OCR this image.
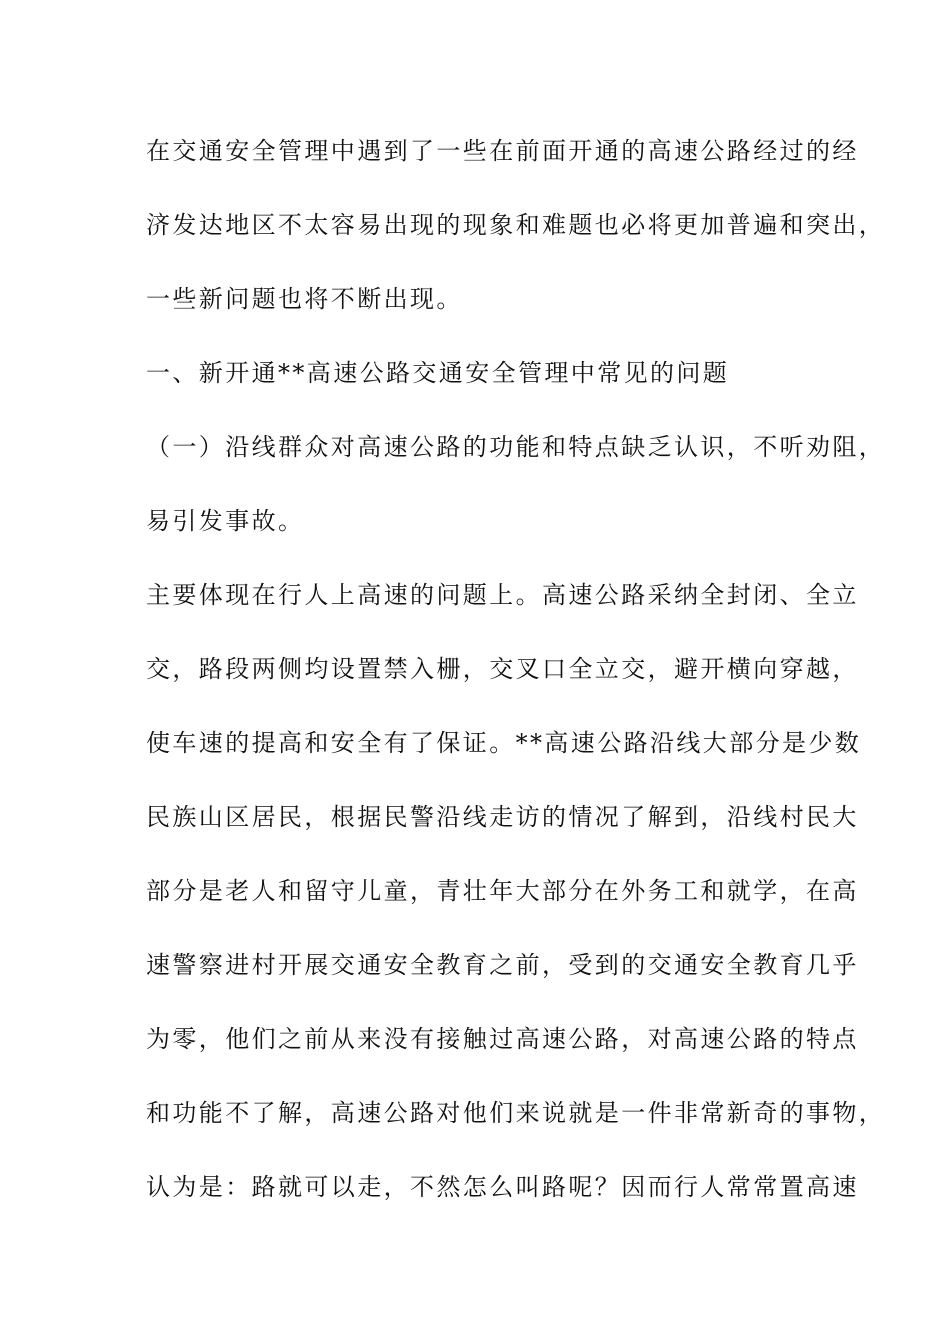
在交通安全管理中遇到了一些在前面开通的高速公路经过的经
济发达地区不太容易出现的现象和难题也必将更加普遍和突出，
一些新问题也将不断出现。
一、新开通**高速公路交通安全管理中常见的问题
（一）沿线群众对高速公路的功能和特点缺乏认识，不听劝阻，
易引发事故。
主要体现在行人上高速的问题上。高速公路采纳全封闭、全立
交，路段两侧均设置禁入栅，交叉口全立交，避开横向穿越，
使车速的提高和安全有了保证。**高速公路沿线大部分是少数
民族山区居民，根据民警沿线走访的情况了解到，沿线村民大
部分是老人和留守儿童，青壮年大部分在外务工和就学，在高
速警察进村开展交通安全教育之前，受到的交通安全教育几乎
为零，他们之前从来没有接触过高速公路，对高速公路的特点
和功能不了解，高速公路对他们来说就是一件非常新奇的事物，
认为是：路就可以走，不然怎么叫路呢？因而行人常常置高速
